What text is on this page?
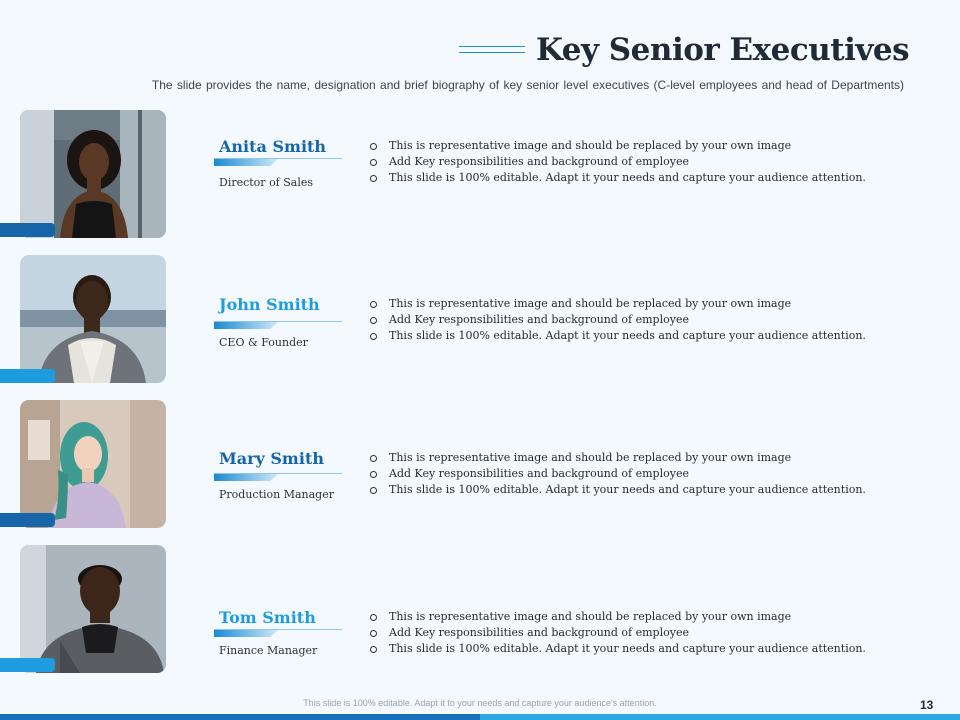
Key Senior Executives
The slide provides the name, designation and brief biography of key senior level executives (C-level employees and head of Departments)
Anita Smith
Director of Sales
This is representative image and should be replaced by your own image
Add Key responsibilities and background of employee
This slide is 100% editable. Adapt it your needs and capture your audience attention.
John Smith
CEO & Founder
This is representative image and should be replaced by your own image
Add Key responsibilities and background of employee
This slide is 100% editable. Adapt it your needs and capture your audience attention.
Mary Smith
Production Manager
This is representative image and should be replaced by your own image
Add Key responsibilities and background of employee
This slide is 100% editable. Adapt it your needs and capture your audience attention.
Tom Smith
Finance Manager
This is representative image and should be replaced by your own image
Add Key responsibilities and background of employee
This slide is 100% editable. Adapt it your needs and capture your audience attention.
This slide is 100% editable. Adapt it to your needs and capture your audience's attention.	13
